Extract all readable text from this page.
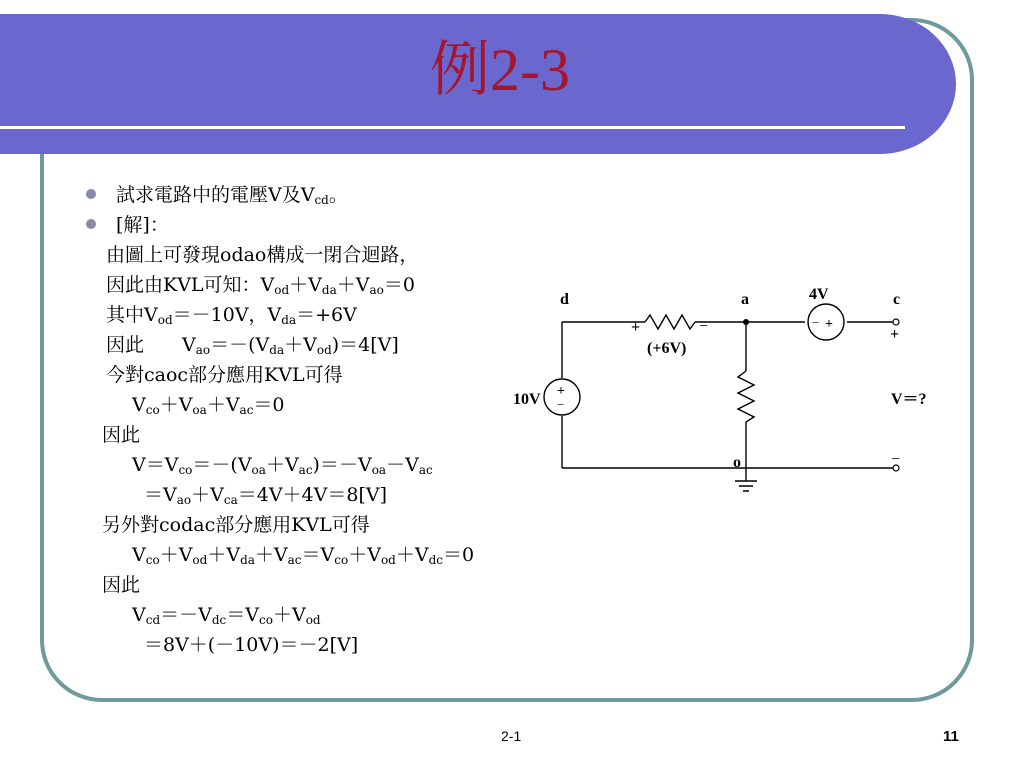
例2-3
試求電路中的電壓V及$V_{cd}$。
[解]：
由圖上可發現odao構成一閉合迴路，
因此由KVL可知：$V_{od}+V_{da}+V_{ao}=0$
其中$V_{od}=-10V$，$V_{da}=+6V$
因此　　$V_{ao}=-(V_{da}+V_{od})=4[V]$
今對caoc部分應用KVL可得
$V_{co}+V_{oa}+V_{ac}=0$
因此
$V=V_{co}=-(V_{oa}+V_{ac})=-V_{oa}-V_{ac}$
$=V_{ao}+V_{ca}=4V+4V=8[V]$
另外對codac部分應用KVL可得
$V_{co}+V_{od}+V_{da}+V_{ac}=V_{co}+V_{od}+V_{dc}=0$
因此
$V_{cd}=-V_{dc}=V_{co}+V_{od}$
＝8V＋(－10V)＝－2[V]
d	a	c
o
4V
10V
(+6V)
V＝?
+	−	− +
+
−
+
−
2-1	11
